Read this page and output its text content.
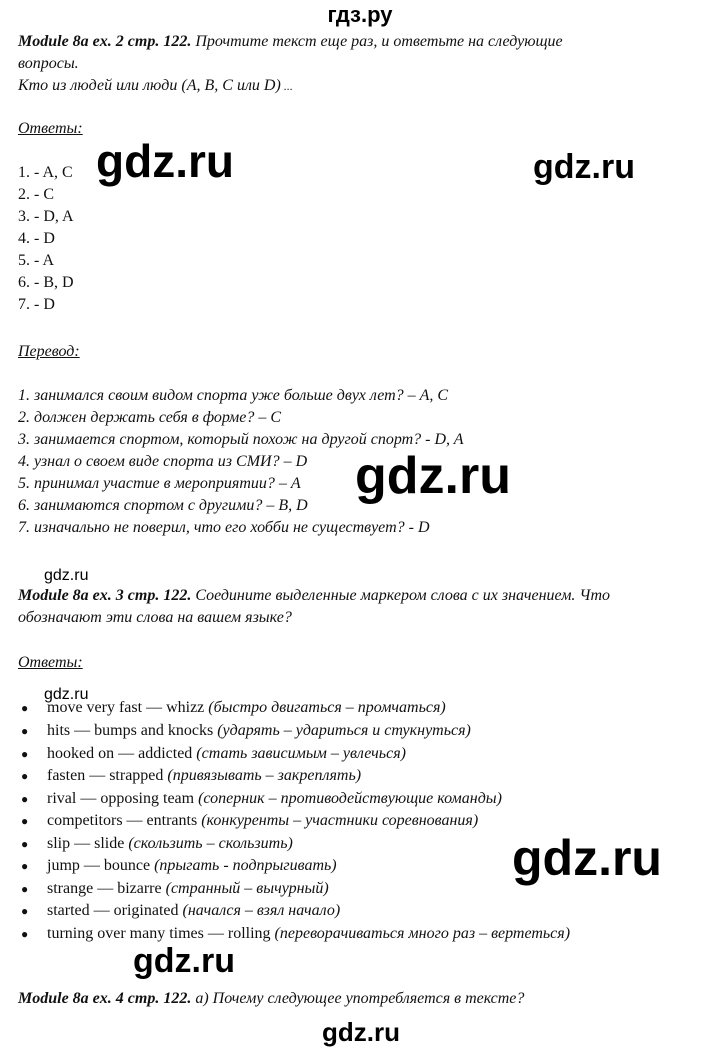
гдз.ру
Module 8a ex. 2 стр. 122. Прочтите текст еще раз, и ответьте на следующие
вопросы.
Кто из людей или люди (A, B, C или D) ...
Ответы:
1. - A, C
2. - C
3. - D, A
4. - D
5. - A
6. - B, D
7. - D
Перевод:
1. занимался своим видом спорта уже больше двух лет? – A, C
2. должен держать себя в форме? – C
3. занимается спортом, который похож на другой спорт? - D, A
4. узнал о своем виде спорта из СМИ? – D
5. принимал участие в мероприятии? – A
6. занимаются спортом с другими? – B, D
7. изначально не поверил, что его хобби не существует? - D
Module 8a ex. 3 стр. 122. Соедините выделенные маркером слова с их значением. Что
обозначают эти слова на вашем языке?
Ответы:
● move very fast — whizz (быстро двигаться – промчаться)
● hits — bumps and knocks (ударять – удариться и стукнуться)
● hooked on — addicted (стать зависимым – увлечься)
● fasten — strapped (привязывать – закреплять)
● rival — opposing team (соперник – противодействующие команды)
● competitors — entrants (конкуренты – участники соревнования)
● slip — slide (скользить – скользить)
● jump — bounce (прыгать - подпрыгивать)
● strange — bizarre (странный – вычурный)
● started — originated (начался – взял начало)
● turning over many times — rolling (переворачиваться много раз – вертеться)
Module 8a ex. 4 стр. 122. а) Почему следующее употребляется в тексте?
gdz.ru	gdz.ru
gdz.ru
gdz.ru
gdz.ru
gdz.ru
gdz.ru
gdz.ru
